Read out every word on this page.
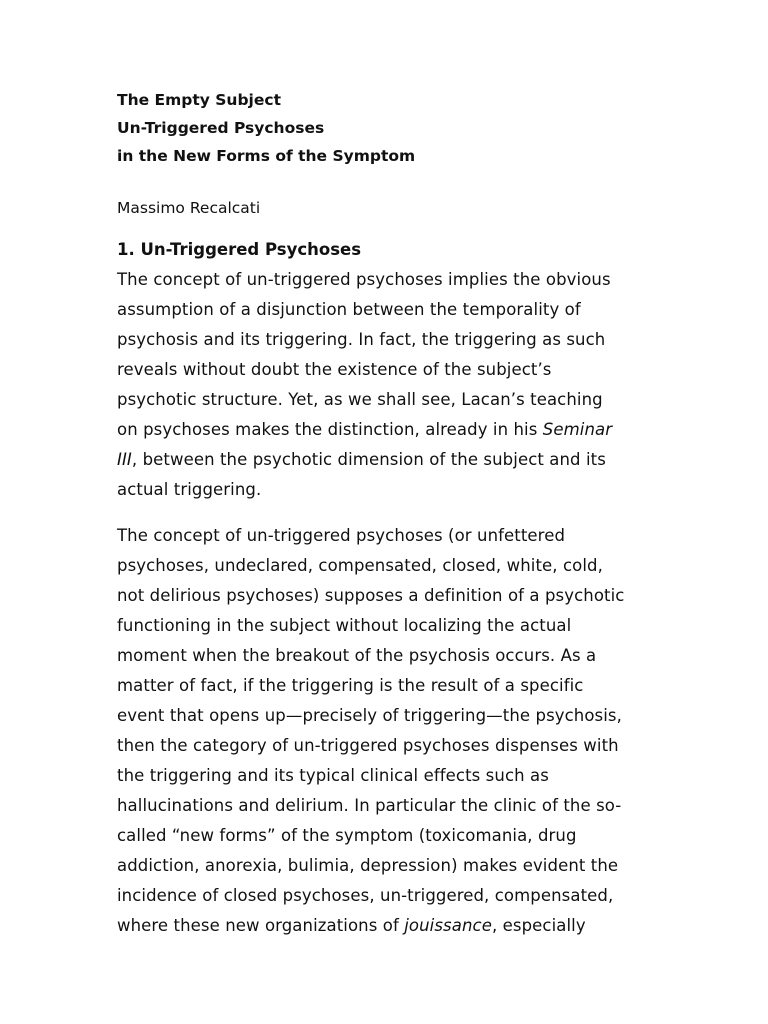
The Empty Subject
Un-Triggered Psychoses
in the New Forms of the Symptom
Massimo Recalcati
1. Un-Triggered Psychoses

The concept of un-triggered psychoses implies the obvious
assumption of a disjunction between the temporality of
psychosis and its triggering. In fact, the triggering as such
reveals without doubt the existence of the subject’s
psychotic structure. Yet, as we shall see, Lacan’s teaching
on psychoses makes the distinction, already in his Seminar
III, between the psychotic dimension of the subject and its
actual triggering.

The concept of un-triggered psychoses (or unfettered
psychoses, undeclared, compensated, closed, white, cold,
not delirious psychoses) supposes a definition of a psychotic
functioning in the subject without localizing the actual
moment when the breakout of the psychosis occurs. As a
matter of fact, if the triggering is the result of a specific
event that opens up—precisely of triggering—the psychosis,
then the category of un-triggered psychoses dispenses with
the triggering and its typical clinical effects such as
hallucinations and delirium. In particular the clinic of the so-
called “new forms” of the symptom (toxicomania, drug
addiction, anorexia, bulimia, depression) makes evident the
incidence of closed psychoses, un-triggered, compensated,
where these new organizations of jouissance, especially
